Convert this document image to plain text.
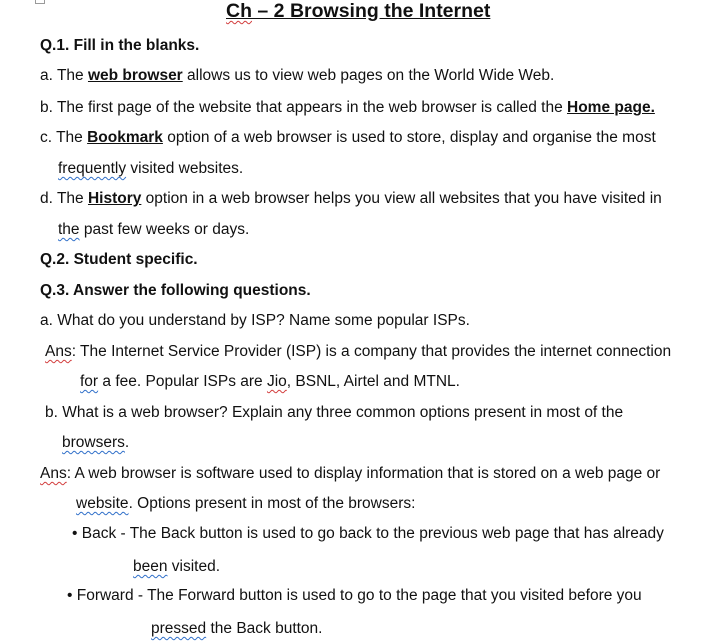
Ch – 2 Browsing the Internet
Q.1. Fill in the blanks.
a. The web browser allows us to view web pages on the World Wide Web.
b. The first page of the website that appears in the web browser is called the Home page.
c. The Bookmark option of a web browser is used to store, display and organise the most
frequently visited websites.
d. The History option in a web browser helps you view all websites that you have visited in
the past few weeks or days.
Q.2. Student specific.
Q.3. Answer the following questions.
a. What do you understand by ISP? Name some popular ISPs.
Ans: The Internet Service Provider (ISP) is a company that provides the internet connection
for a fee. Popular ISPs are Jio, BSNL, Airtel and MTNL.
b. What is a web browser? Explain any three common options present in most of the
browsers.
Ans: A web browser is software used to display information that is stored on a web page or
website. Options present in most of the browsers:
• Back - The Back button is used to go back to the previous web page that has already
been visited.
• Forward - The Forward button is used to go to the page that you visited before you
pressed the Back button.
